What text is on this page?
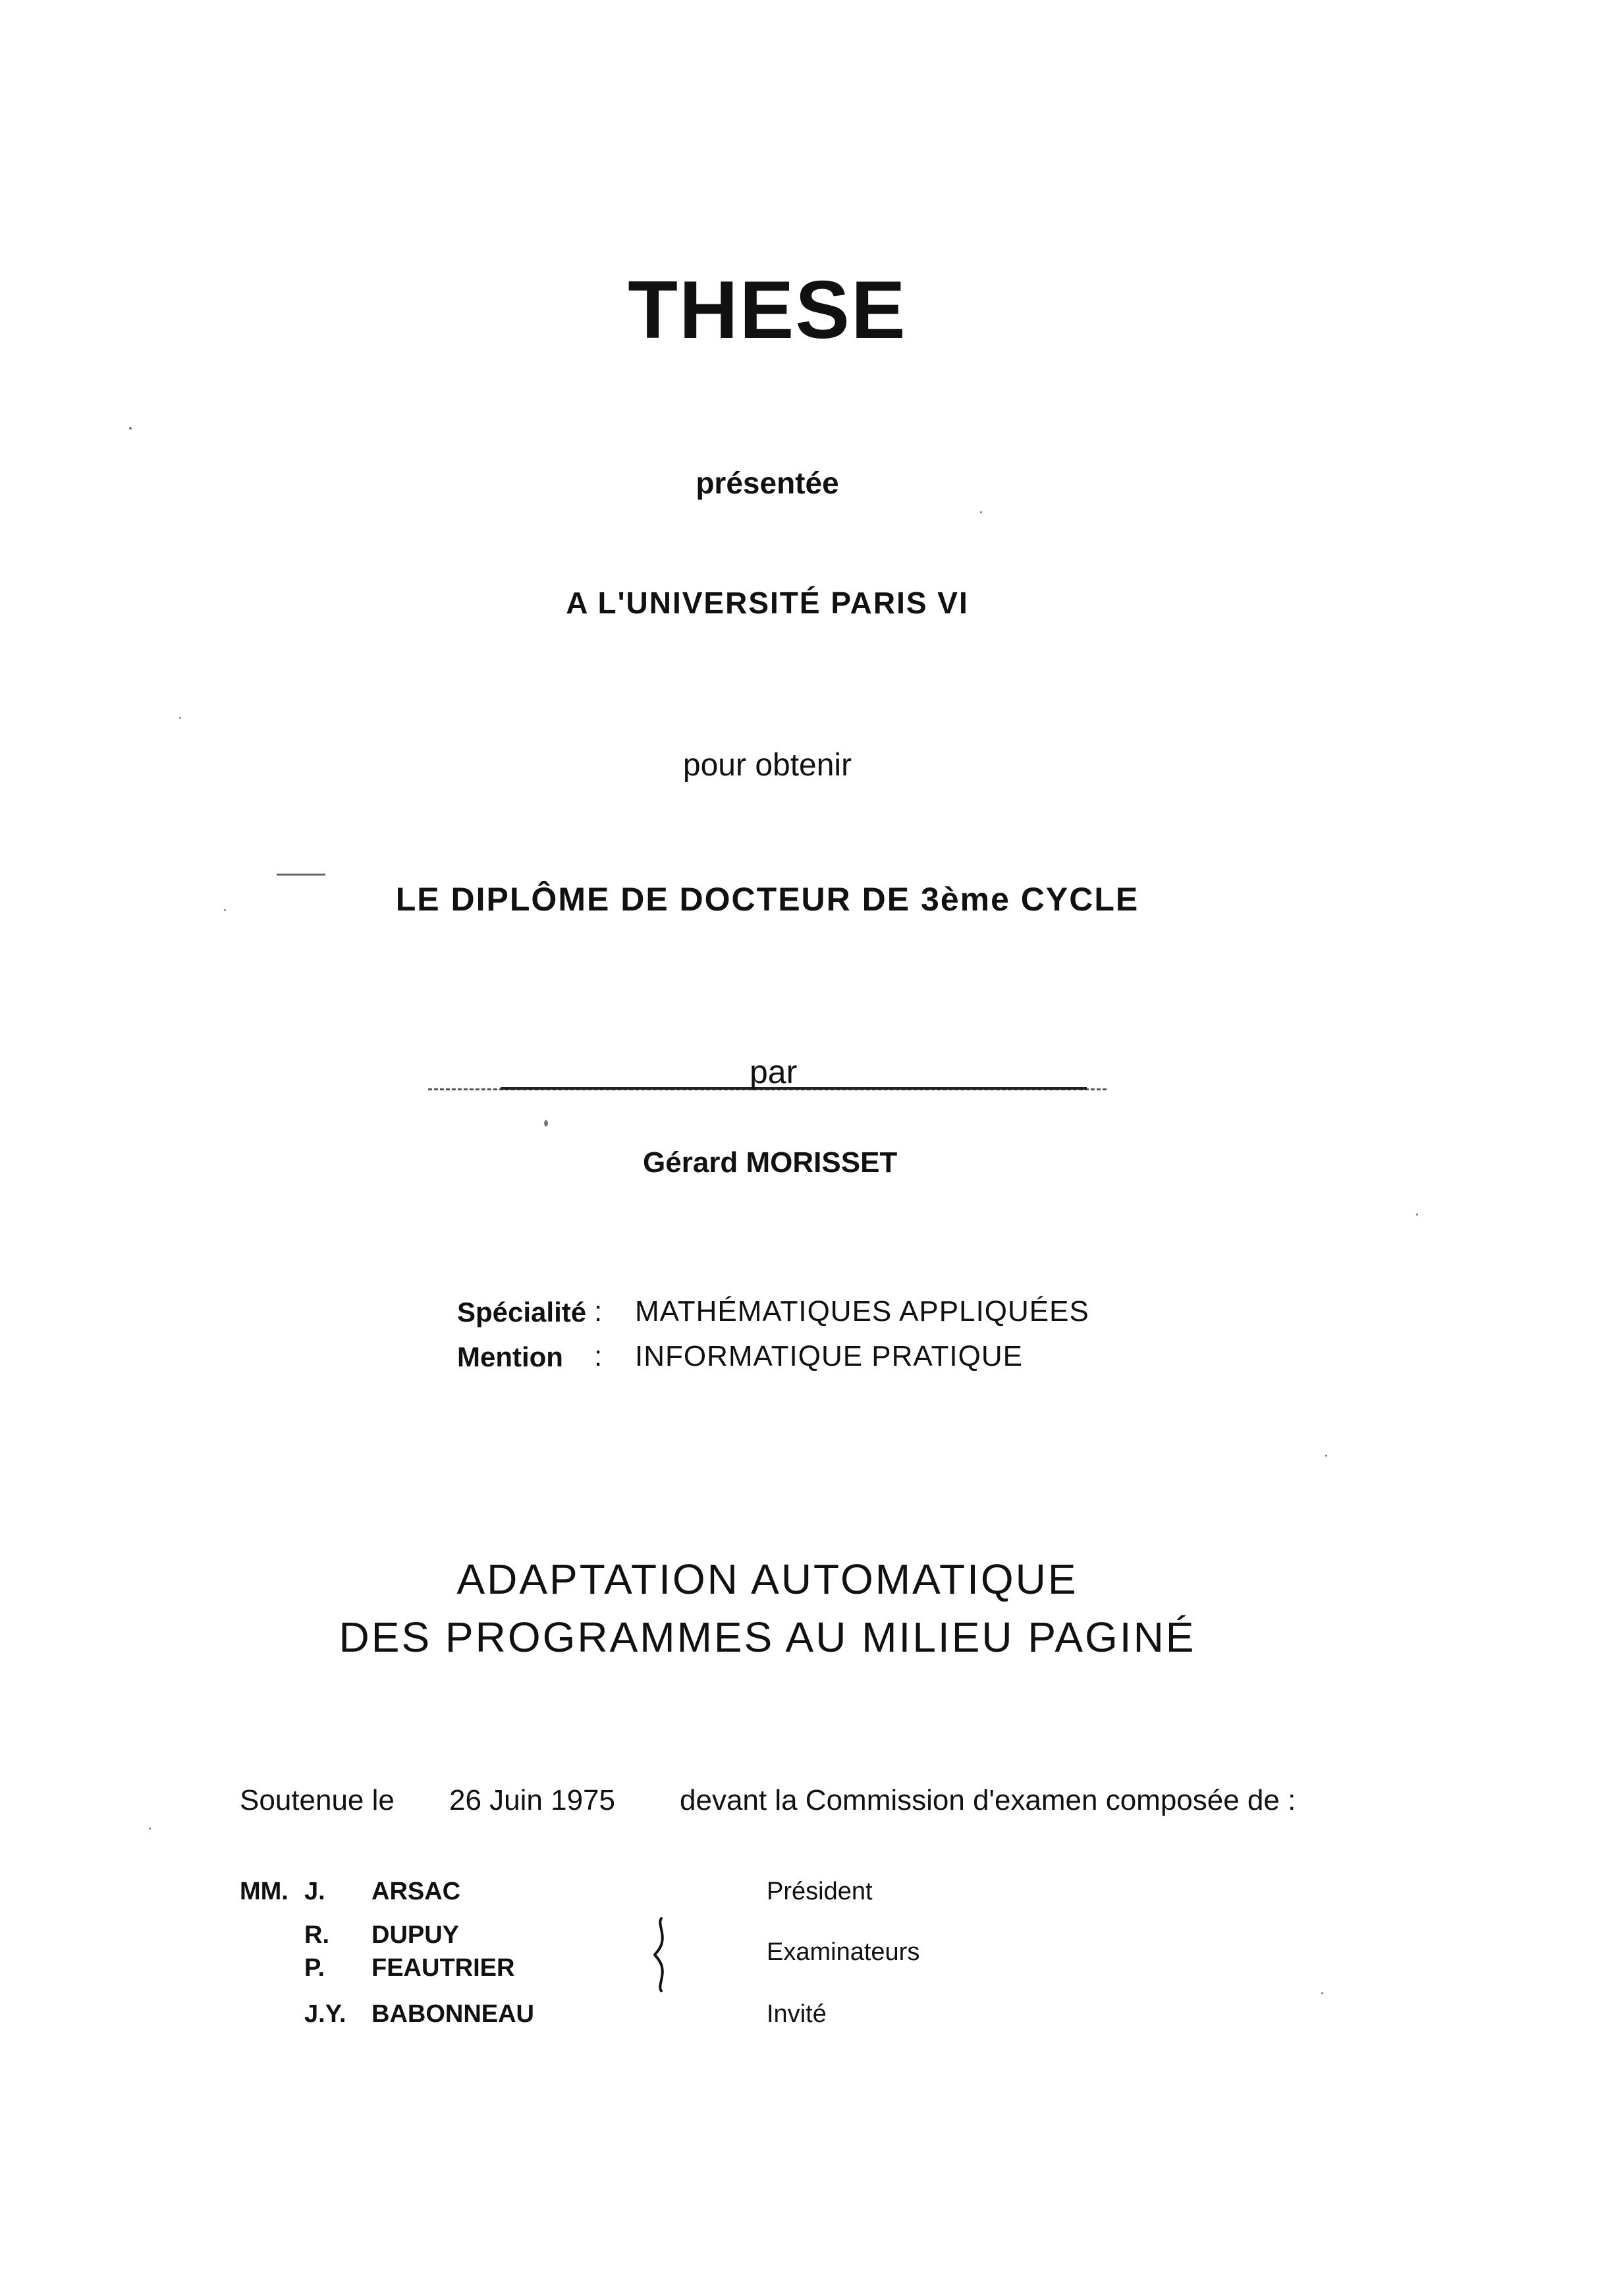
THESE
présentée
A L'UNIVERSITÉ PARIS VI
pour obtenir
LE DIPLÔME DE DOCTEUR DE 3ème CYCLE
par
Gérard MORISSET
Spécialité : MATHÉMATIQUES APPLIQUÉES
Mention : INFORMATIQUE PRATIQUE
ADAPTATION AUTOMATIQUE
DES PROGRAMMES AU MILIEU PAGINÉ
Soutenue le 26 Juin 1975 devant la Commission d'examen composée de :
MM. J. ARSAC	Président
R. DUPUY
P. FEAUTRIER
Examinateurs
J.Y. BABONNEAU	Invité
